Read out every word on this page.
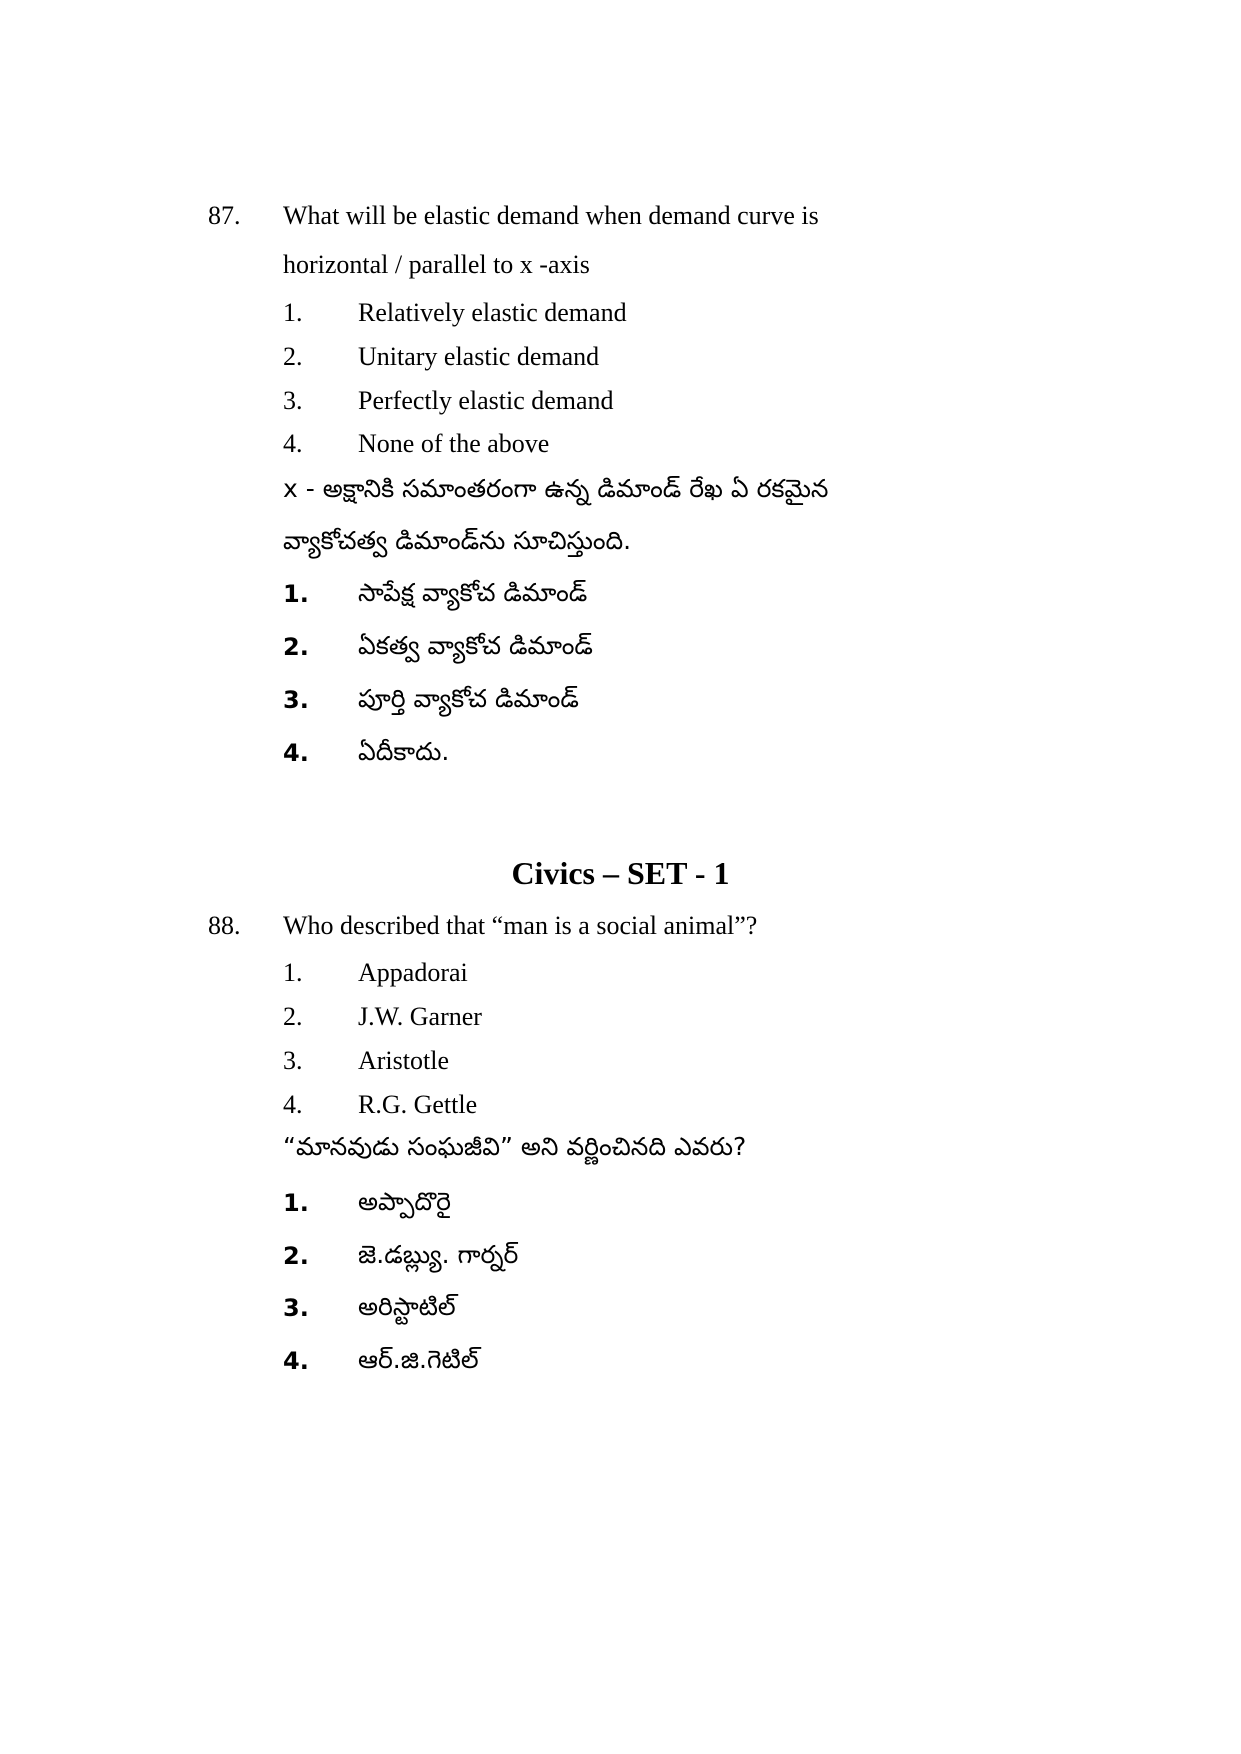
87. What will be elastic demand when demand curve is
horizontal / parallel to x -axis
1. Relatively elastic demand
2. Unitary elastic demand
3. Perfectly elastic demand
4. None of the above
x - అక్షానికి సమాంతరంగా ఉన్న డిమాండ్ రేఖ ఏ రకమైన
వ్యాకోచత్వ డిమాండ్‌ను సూచిస్తుంది.
1. సాపేక్ష వ్యాకోచ డిమాండ్
2. ఏకత్వ వ్యాకోచ డిమాండ్
3. పూర్తి వ్యాకోచ డిమాండ్
4. ఏదీకాదు.
Civics – SET - 1
88. Who described that “man is a social animal”?
1. Appadorai
2. J.W. Garner
3. Aristotle
4. R.G. Gettle
“మానవుడు సంఘజీవి” అని వర్ణించినది ఎవరు?
1. అప్పాదొరై
2. జె.డబ్ల్యు. గార్నర్
3. అరిస్టాటిల్
4. ఆర్.జి.గెటిల్
